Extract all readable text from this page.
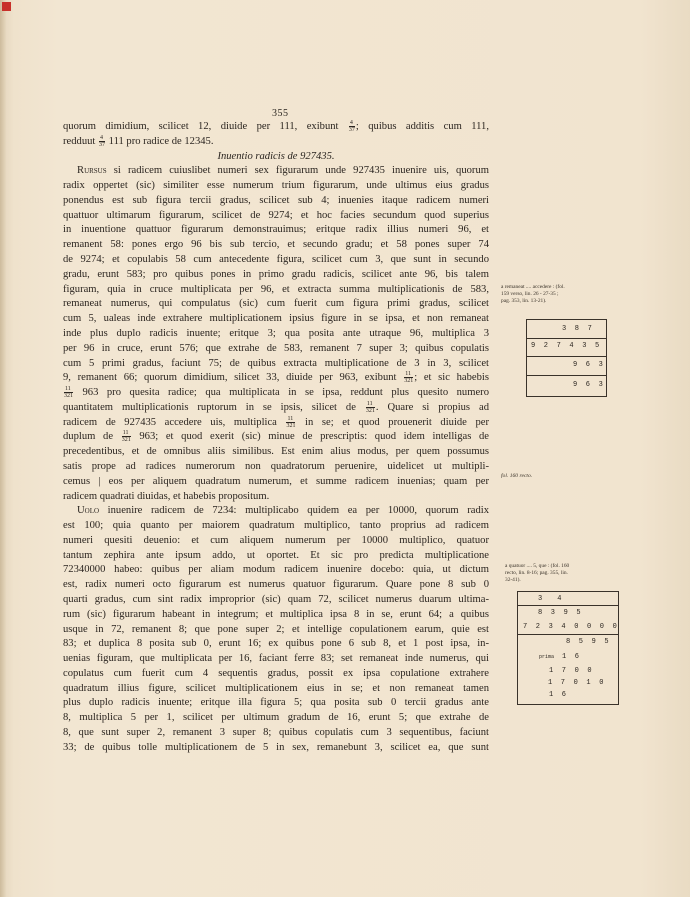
355
quorum dimidium, scilicet 12, diuide per 111, exibunt $\frac{4}{37}$ ; quibus additis cum 111,
redduut $\frac{4}{37} 111$ pro radice de 12345.
Inuentio radicis de 927435.
Rursus si radicem cuiuslibet numeri sex figurarum unde 927435 inuenire uis, quorum
radix oppertet (sic) similiter esse numerum trium figurarum, unde ultimus eius gradus
ponendus est sub figura tercii gradus, scilicet sub 4; inuenies itaque radicem numeri
quattuor ultimarum figurarum, scilicet de 9274; et hoc facies secundum quod superius
in inuentione quattuor figurarum demonstrauimus; eritque radix illius numeri 96, et
remanent 58: pones ergo 96 bis sub tercio, et secundo gradu; et 58 pones super 74
de 9274; et copulabis 58 cum antecedente figura, scilicet cum 3, que sunt in secundo
gradu, erunt 583; pro quibus pones in primo gradu radicis, scilicet ante 96, bis talem
figuram, quia in cruce multiplicata per 96, et extracta summa multiplicationis de 583,
remaneat numerus, qui compulatus (sic) cum fuerit cum figura primi gradus, scilicet
cum 5, ualeas inde extrahere multiplicationem ipsius figure in se ipsa, et non remaneat
inde plus duplo radicis inuente; eritque 3; qua posita ante utraque 96, multiplica 3
per 96 in cruce, erunt 576; que extrahe de 583, remanent 7 super 3; quibus copulatis
cum 5 primi gradus, faciunt 75; de quibus extracta multiplicatione de 3 in 3, scilicet
9, remanent 66; quorum dimidium, silicet 33, diuide per 963, exibunt $\frac{11}{321}$ ; et sic habebis
$\frac{11}{321} 963$ pro quesita radice; qua multiplicata in se ipsa, reddunt plus quesito numero
quantitatem multiplicationis ruptorum in se ipsis, silicet de $\frac{11}{321}$ . Quare si propius ad
radicem de 927435 accedere uis, multiplica $\frac{11}{321}$ in se; et quod prouenerit diuide per
duplum de $\frac{11}{321} 963$; et quod exerit (sic) minue de prescriptis: quod idem intelligas de
precedentibus, et de omnibus aliis similibus. Est enim alius modus, per quem possumus
satis prope ad radices numerorum non quadratorum peruenire, uidelicet ut multipli-
cemus | eos per aliquem quadratum numerum, et summe radicem inuenias; quam per
radicem quadrati diuidas, et habebis propositum.
Uolo inuenire radicem de 7234: multiplicabo quidem ea per 10000, quorum radix
est 100; quia quanto per maiorem quadratum multiplico, tanto proprius ad radicem
numeri quesiti deuenio: et cum aliquem numerum per 10000 multiplico, quatuor
tantum zephira ante ipsum addo, ut oportet. Et sic pro predicta multiplicatione
72340000 habeo: quibus per aliam modum radicem inuenire docebo: quia, ut dictum
est, radix numeri octo figurarum est numerus quatuor figurarum. Quare pone 8 sub 0
quarti gradus, cum sint radix improprior (sic) quam 72, scilicet numerus duarum ultima-
rum (sic) figurarum habeant in integrum; et multiplica ipsa 8 in se, erunt 64; a quibus
usque in 72, remanent 8; que pone super 2; et intellige copulationem earum, quie est
83; et duplica 8 posita sub 0, erunt 16; ex quibus pone 6 sub 8, et 1 post ipsa, in-
uenias figuram, que multiplicata per 16, faciant ferre 83; set remaneat inde numerus, qui
copulatus cum fuerit cum 4 sequentis gradus, possit ex ipsa copulatione extrahere
quadratum illius figure, scilicet multiplicationem eius in se; et non remaneat tamen
plus duplo radicis inuente; eritque illa figura 5; qua posita sub 0 tercii gradus ante
8, multiplica 5 per 1, scilicet per ultimum gradum de 16, erunt 5; que extrahe de
8, que sunt super 2, remanent 3 super 8; quibus copulatis cum 3 sequentibus, faciunt
33; de quibus tolle multiplicationem de 5 in sex, remanebunt 3, scilicet ea, que sunt
a remaneat .... accedere : (fol.
159 verso, lin. 26 - 27-35 ;
pag. 353, lin. 13-21).
3 8 7
9 2 7 4 3 5
9 6 3
9 6 3
fol. 160 recto.
a quatuor .... 5, que : (fol. 160
recto, lin. 8-16; pag. 355, lin.
32-41).
3  4
8 3 9 5
7 2 3 4 0 0 0 0
8 5 9 5
prima 1 6
1 7 0 0
1 7 0 1 0
1 6
